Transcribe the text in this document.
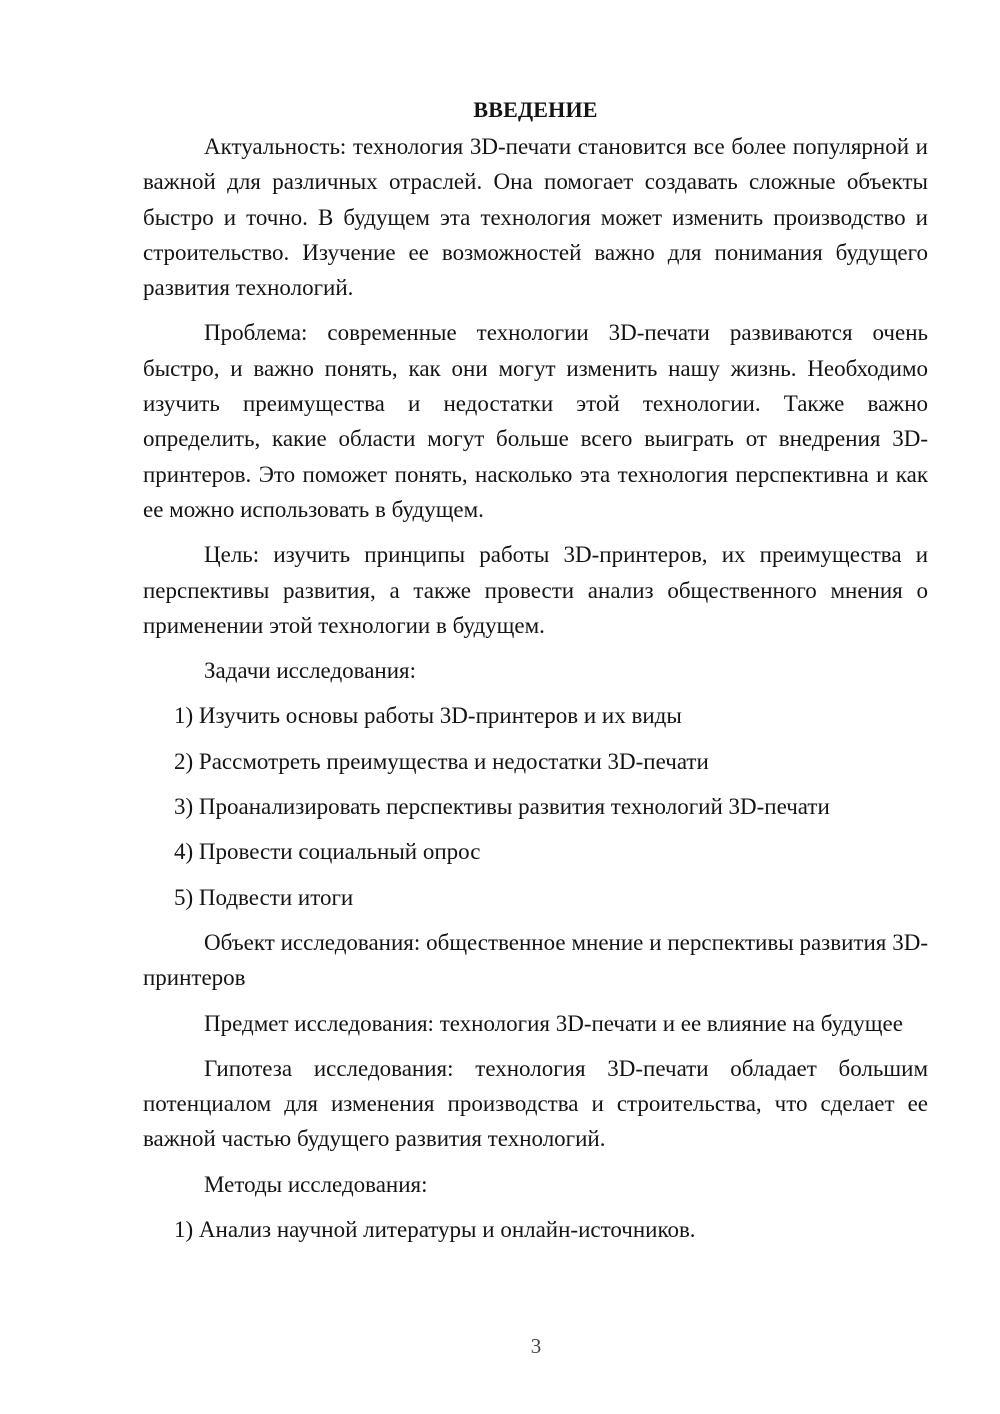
ВВЕДЕНИЕ

Актуальность: технология 3D-печати становится все более популярной и важной для различных отраслей. Она помогает создавать сложные объекты быстро и точно. В будущем эта технология может изменить производство и строительство. Изучение ее возможностей важно для понимания будущего развития технологий.

Проблема: современные технологии 3D-печати развиваются очень быстро, и важно понять, как они могут изменить нашу жизнь. Необходимо изучить преимущества и недостатки этой технологии. Также важно определить, какие области могут больше всего выиграть от внедрения 3D-принтеров. Это поможет понять, насколько эта технология перспективна и как ее можно использовать в будущем.

Цель: изучить принципы работы 3D-принтеров, их преимущества и перспективы развития, а также провести анализ общественного мнения о применении этой технологии в будущем.

Задачи исследования:

1) Изучить основы работы 3D-принтеров и их виды

2) Рассмотреть преимущества и недостатки 3D-печати

3) Проанализировать перспективы развития технологий 3D-печати

4) Провести социальный опрос

5) Подвести итоги

Объект исследования: общественное мнение и перспективы развития 3D-принтеров

Предмет исследования: технология 3D-печати и ее влияние на будущее

Гипотеза исследования: технология 3D-печати обладает большим потенциалом для изменения производства и строительства, что сделает ее важной частью будущего развития технологий.

Методы исследования:

1) Анализ научной литературы и онлайн-источников.

3
